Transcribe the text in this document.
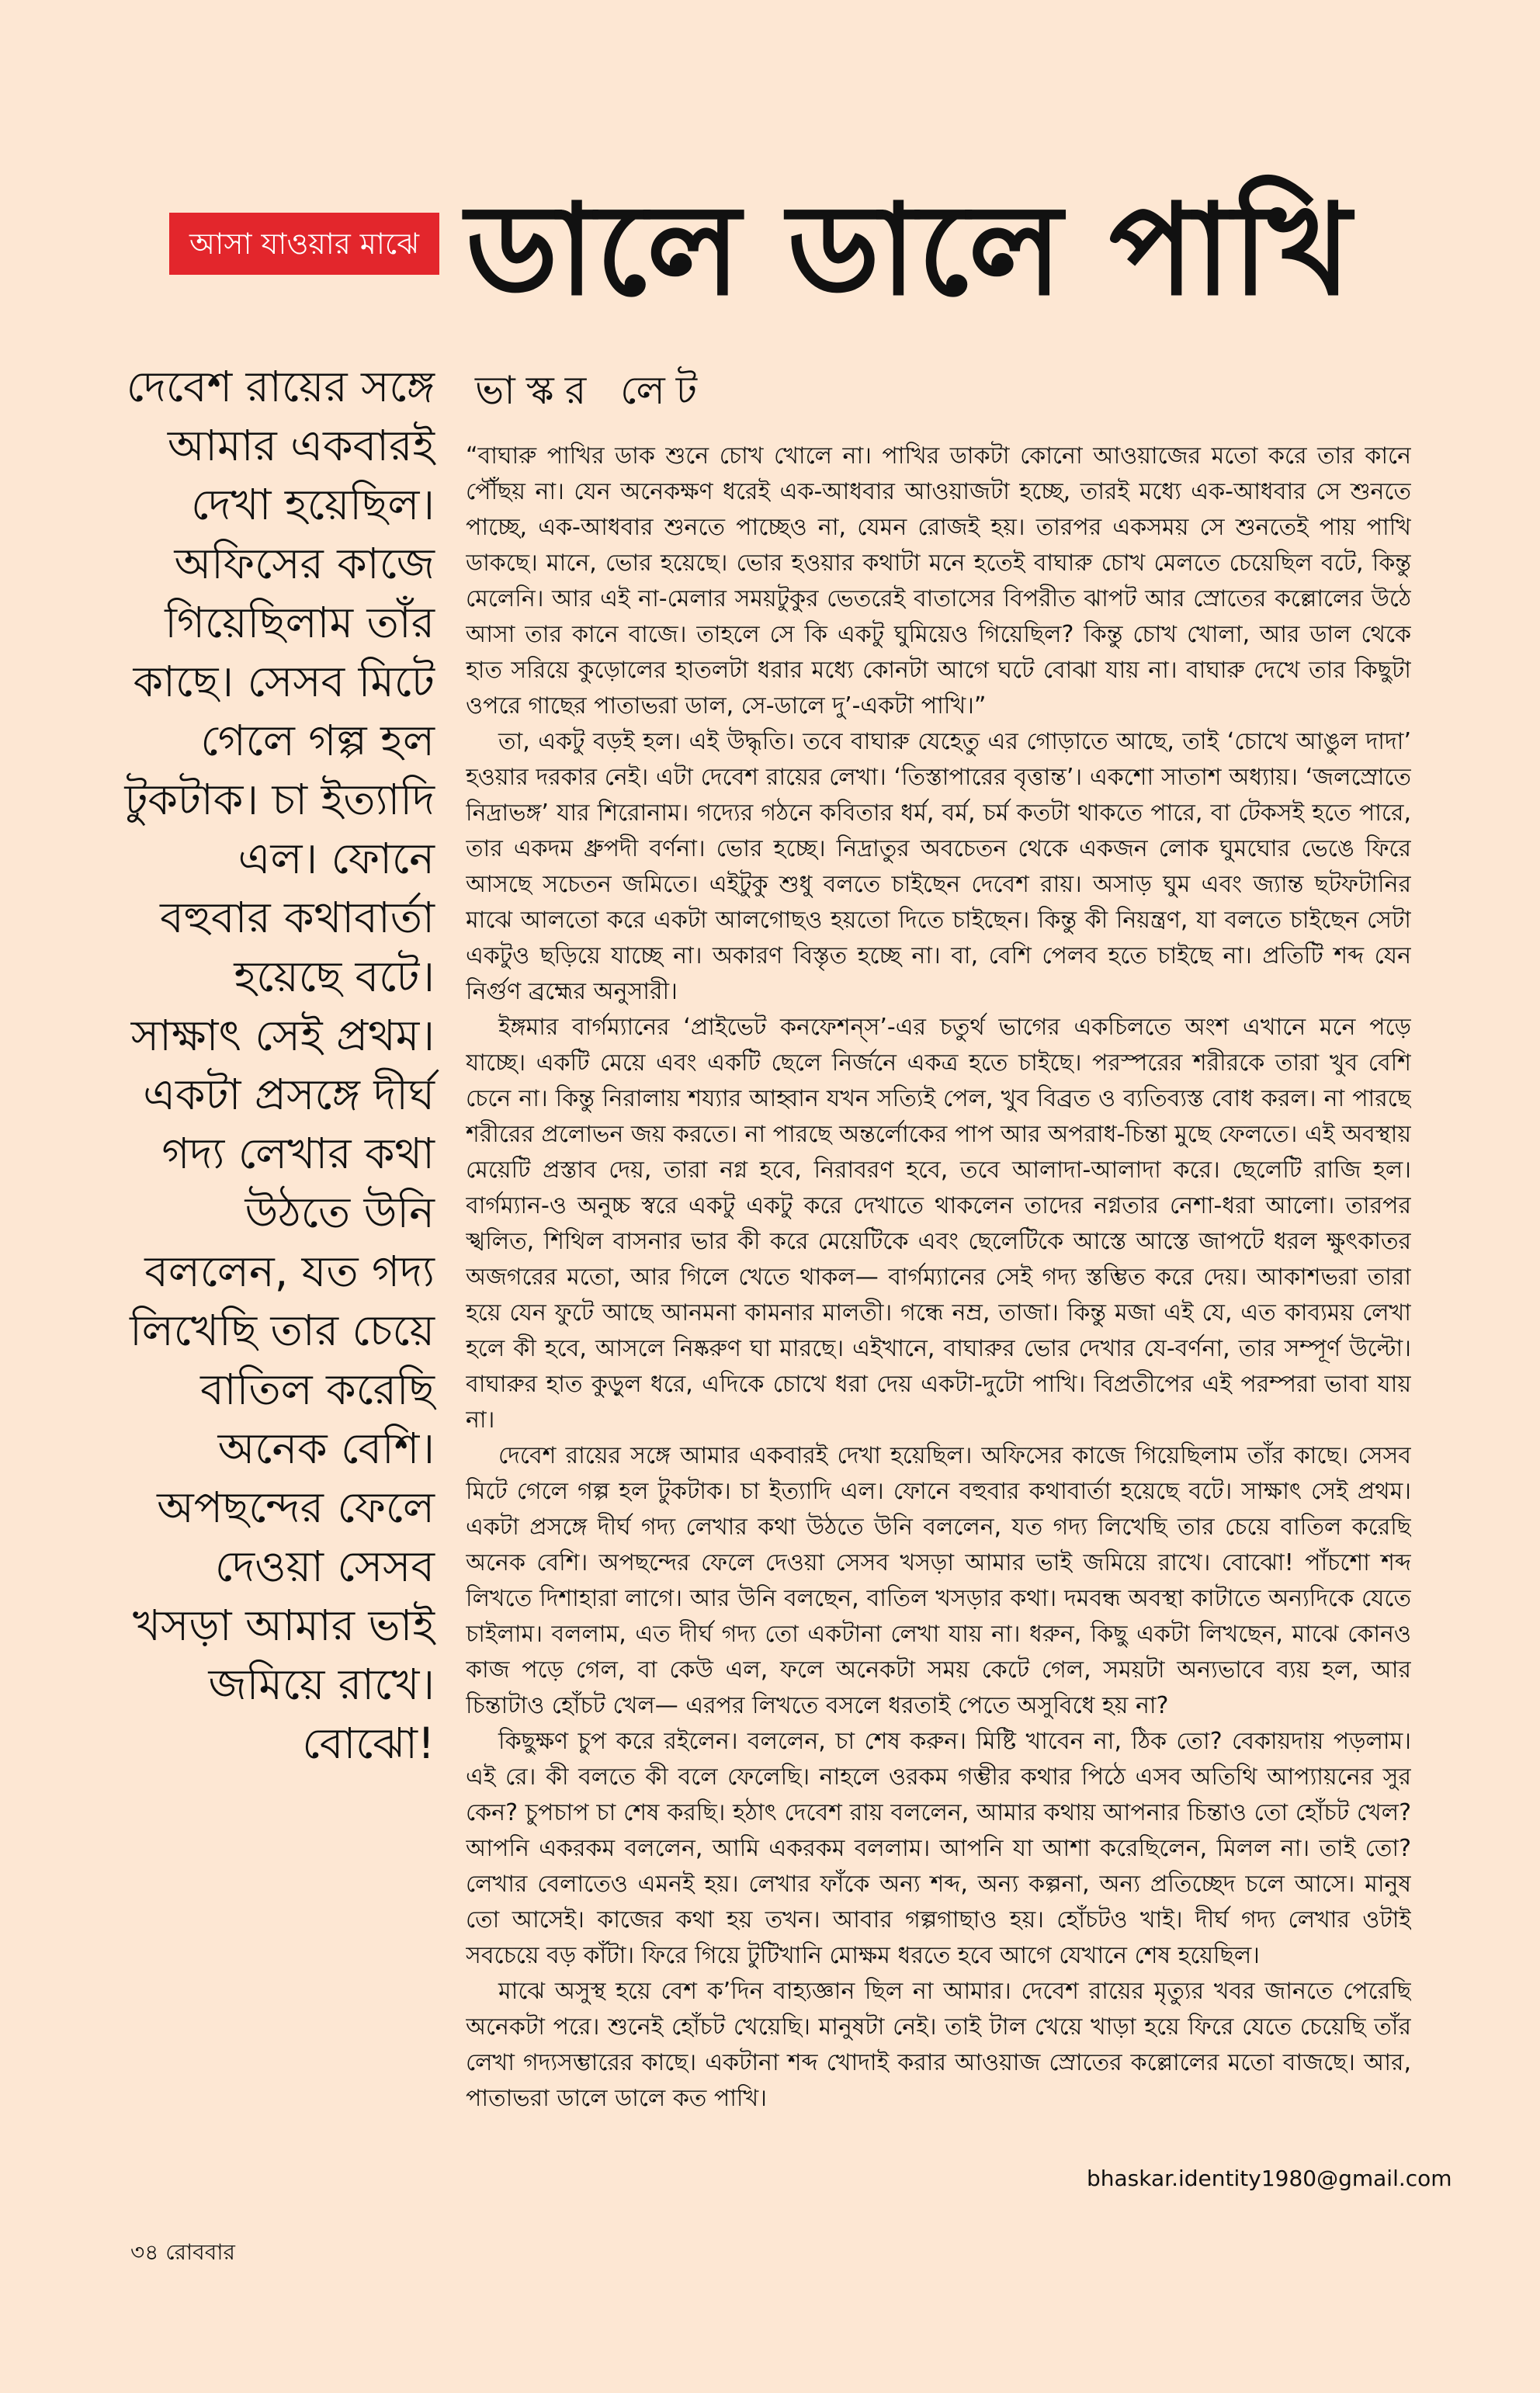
আসা যাওয়ার মাঝে ডালে ডালে পাখি

দেবেশ রায়ের সঙ্গে আমার একবারই দেখা হয়েছিল। অফিসের কাজে গিয়েছিলাম তাঁর কাছে। সেসব মিটে গেলে গল্প হল টুকটাক। চা ইত্যাদি এল। ফোনে বহুবার কথাবার্তা হয়েছে বটে। সাক্ষাৎ সেই প্রথম। একটা প্রসঙ্গে দীর্ঘ গদ্য লেখার কথা উঠতে উনি বললেন, যত গদ্য লিখেছি তার চেয়ে বাতিল করেছি অনেক বেশি। অপছন্দের ফেলে দেওয়া সেসব খসড়া আমার ভাই জমিয়ে রাখে। বোঝো!

ভাস্কর লেট

“বাঘারু পাখির ডাক শুনে চোখ খোলে না। পাখির ডাকটা কোনো আওয়াজের মতো করে তার কানে পৌঁছয় না। যেন অনেকক্ষণ ধরেই এক-আধবার আওয়াজটা হচ্ছে, তারই মধ্যে এক-আধবার সে শুনতে পাচ্ছে, এক-আধবার শুনতে পাচ্ছেও না, যেমন রোজই হয়। তারপর একসময় সে শুনতেই পায় পাখি ডাকছে। মানে, ভোর হয়েছে। ভোর হওয়ার কথাটা মনে হতেই বাঘারু চোখ মেলতে চেয়েছিল বটে, কিন্তু মেলেনি। আর এই না-মেলার সময়টুকুর ভেতরেই বাতাসের বিপরীত ঝাপট আর স্রোতের কল্লোলের উঠে আসা তার কানে বাজে। তাহলে সে কি একটু ঘুমিয়েও গিয়েছিল? কিন্তু চোখ খোলা, আর ডাল থেকে হাত সরিয়ে কুড়োলের হাতলটা ধরার মধ্যে কোনটা আগে ঘটে বোঝা যায় না। বাঘারু দেখে তার কিছুটা ওপরে গাছের পাতাভরা ডাল, সে-ডালে দু’-একটা পাখি।”

তা, একটু বড়ই হল। এই উদ্ধৃতি। তবে বাঘারু যেহেতু এর গোড়াতে আছে, তাই ‘চোখে আঙুল দাদা’ হওয়ার দরকার নেই। এটা দেবেশ রায়ের লেখা। ‘তিস্তাপারের বৃত্তান্ত’। একশো সাতাশ অধ্যায়। ‘জলস্রোতে নিদ্রাভঙ্গ’ যার শিরোনাম। গদ্যের গঠনে কবিতার ধর্ম, বর্ম, চর্ম কতটা থাকতে পারে, বা টেকসই হতে পারে, তার একদম ধ্রুপদী বর্ণনা। ভোর হচ্ছে। নিদ্রাতুর অবচেতন থেকে একজন লোক ঘুমঘোর ভেঙে ফিরে আসছে সচেতন জমিতে। এইটুকু শুধু বলতে চাইছেন দেবেশ রায়। অসাড় ঘুম এবং জ্যান্ত ছটফটানির মাঝে আলতো করে একটা আলগোছও হয়তো দিতে চাইছেন। কিন্তু কী নিয়ন্ত্রণ, যা বলতে চাইছেন সেটা একটুও ছড়িয়ে যাচ্ছে না। অকারণ বিস্তৃত হচ্ছে না। বা, বেশি পেলব হতে চাইছে না। প্রতিটি শব্দ যেন নির্গুণ ব্রহ্মের অনুসারী।

ইঙ্গমার বার্গম্যানের ‘প্রাইভেট কনফেশন্‌স’-এর চতুর্থ ভাগের একচিলতে অংশ এখানে মনে পড়ে যাচ্ছে। একটি মেয়ে এবং একটি ছেলে নির্জনে একত্র হতে চাইছে। পরস্পরের শরীরকে তারা খুব বেশি চেনে না। কিন্তু নিরালায় শয্যার আহ্বান যখন সত্যিই পেল, খুব বিব্রত ও ব্যতিব্যস্ত বোধ করল। না পারছে শরীরের প্রলোভন জয় করতে। না পারছে অন্তর্লোকের পাপ আর অপরাধ-চিন্তা মুছে ফেলতে। এই অবস্থায় মেয়েটি প্রস্তাব দেয়, তারা নগ্ন হবে, নিরাবরণ হবে, তবে আলাদা-আলাদা করে। ছেলেটি রাজি হল। বার্গম্যান-ও অনুচ্চ স্বরে একটু একটু করে দেখাতে থাকলেন তাদের নগ্নতার নেশা-ধরা আলো। তারপর স্খলিত, শিথিল বাসনার ভার কী করে মেয়েটিকে এবং ছেলেটিকে আস্তে আস্তে জাপটে ধরল ক্ষুৎকাতর অজগরের মতো, আর গিলে খেতে থাকল— বার্গম্যানের সেই গদ্য স্তম্ভিত করে দেয়। আকাশভরা তারা হয়ে যেন ফুটে আছে আনমনা কামনার মালতী। গন্ধে নম্র, তাজা। কিন্তু মজা এই যে, এত কাব্যময় লেখা হলে কী হবে, আসলে নিষ্করুণ ঘা মারছে। এইখানে, বাঘারুর ভোর দেখার যে-বর্ণনা, তার সম্পূর্ণ উল্টো। বাঘারুর হাত কুড়ুল ধরে, এদিকে চোখে ধরা দেয় একটা-দুটো পাখি। বিপ্রতীপের এই পরম্পরা ভাবা যায় না।

দেবেশ রায়ের সঙ্গে আমার একবারই দেখা হয়েছিল। অফিসের কাজে গিয়েছিলাম তাঁর কাছে। সেসব মিটে গেলে গল্প হল টুকটাক। চা ইত্যাদি এল। ফোনে বহুবার কথাবার্তা হয়েছে বটে। সাক্ষাৎ সেই প্রথম। একটা প্রসঙ্গে দীর্ঘ গদ্য লেখার কথা উঠতে উনি বললেন, যত গদ্য লিখেছি তার চেয়ে বাতিল করেছি অনেক বেশি। অপছন্দের ফেলে দেওয়া সেসব খসড়া আমার ভাই জমিয়ে রাখে। বোঝো! পাঁচশো শব্দ লিখতে দিশাহারা লাগে। আর উনি বলছেন, বাতিল খসড়ার কথা। দমবন্ধ অবস্থা কাটাতে অন্যদিকে যেতে চাইলাম। বললাম, এত দীর্ঘ গদ্য তো একটানা লেখা যায় না। ধরুন, কিছু একটা লিখছেন, মাঝে কোনও কাজ পড়ে গেল, বা কেউ এল, ফলে অনেকটা সময় কেটে গেল, সময়টা অন্যভাবে ব্যয় হল, আর চিন্তাটাও হোঁচট খেল— এরপর লিখতে বসলে ধরতাই পেতে অসুবিধে হয় না?

কিছুক্ষণ চুপ করে রইলেন। বললেন, চা শেষ করুন। মিষ্টি খাবেন না, ঠিক তো? বেকায়দায় পড়লাম। এই রে। কী বলতে কী বলে ফেলেছি। নাহলে ওরকম গম্ভীর কথার পিঠে এসব অতিথি আপ্যায়নের সুর কেন? চুপচাপ চা শেষ করছি। হঠাৎ দেবেশ রায় বললেন, আমার কথায় আপনার চিন্তাও তো হোঁচট খেল? আপনি একরকম বললেন, আমি একরকম বললাম। আপনি যা আশা করেছিলেন, মিলল না। তাই তো? লেখার বেলাতেও এমনই হয়। লেখার ফাঁকে অন্য শব্দ, অন্য কল্পনা, অন্য প্রতিচ্ছেদ চলে আসে। মানুষ তো আসেই। কাজের কথা হয় তখন। আবার গল্পগাছাও হয়। হোঁচটও খাই। দীর্ঘ গদ্য লেখার ওটাই সবচেয়ে বড় কাঁটা। ফিরে গিয়ে টুটিখানি মোক্ষম ধরতে হবে আগে যেখানে শেষ হয়েছিল।

মাঝে অসুস্থ হয়ে বেশ ক’দিন বাহ্যজ্ঞান ছিল না আমার। দেবেশ রায়ের মৃত্যুর খবর জানতে পেরেছি অনেকটা পরে। শুনেই হোঁচট খেয়েছি। মানুষটা নেই। তাই টাল খেয়ে খাড়া হয়ে ফিরে যেতে চেয়েছি তাঁর লেখা গদ্যসম্ভারের কাছে। একটানা শব্দ খোদাই করার আওয়াজ স্রোতের কল্লোলের মতো বাজছে। আর, পাতাভরা ডালে ডালে কত পাখি।

bhaskar.identity1980@gmail.com
৩৪ রোববার
